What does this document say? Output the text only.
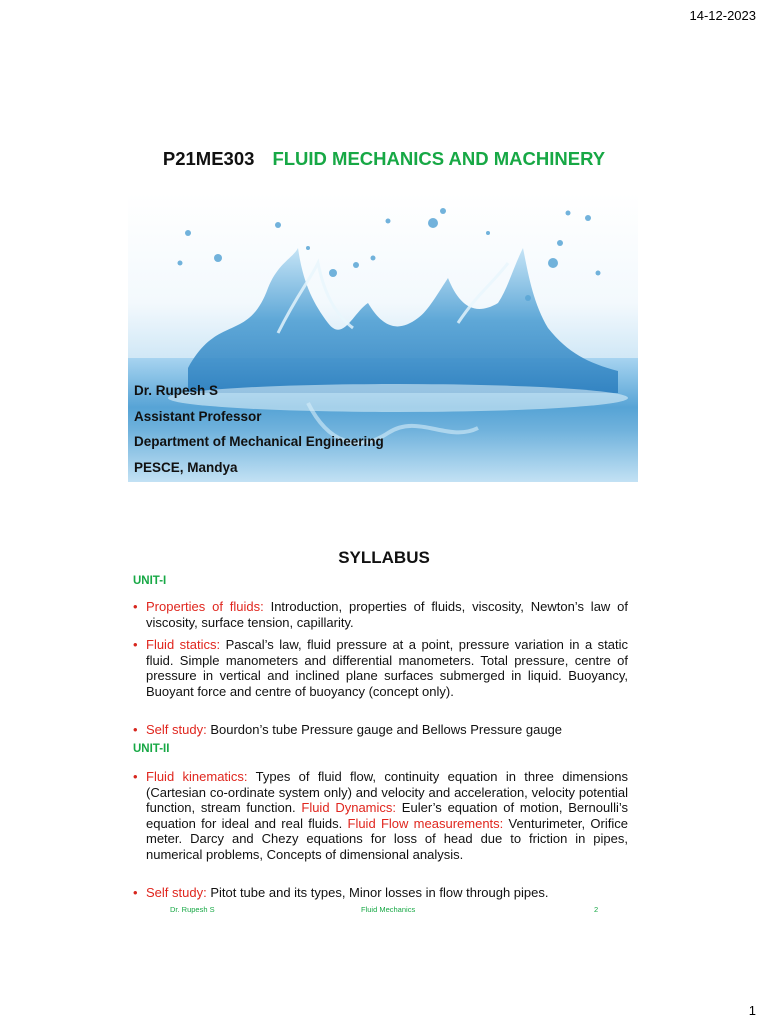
14-12-2023
P21ME303 FLUID MECHANICS AND MACHINERY
Dr. Rupesh S
Assistant Professor
Department of Mechanical Engineering
PESCE, Mandya
SYLLABUS
UNIT-I
• Properties of fluids: Introduction, properties of fluids, viscosity, Newton’s law of viscosity, surface tension, capillarity.
• Fluid statics: Pascal’s law, fluid pressure at a point, pressure variation in a static fluid. Simple manometers and differential manometers. Total pressure, centre of pressure in vertical and inclined plane surfaces submerged in liquid. Buoyancy, Buoyant force and centre of buoyancy (concept only).
• Self study: Bourdon’s tube Pressure gauge and Bellows Pressure gauge
UNIT-II
• Fluid kinematics: Types of fluid flow, continuity equation in three dimensions (Cartesian co-ordinate system only) and velocity and acceleration, velocity potential function, stream function. Fluid Dynamics: Euler’s equation of motion, Bernoulli’s equation for ideal and real fluids. Fluid Flow measurements: Venturimeter, Orifice meter. Darcy and Chezy equations for loss of head due to friction in pipes, numerical problems, Concepts of dimensional analysis.
• Self study: Pitot tube and its types, Minor losses in flow through pipes.
Dr. Rupesh S	Fluid Mechanics	2
1
